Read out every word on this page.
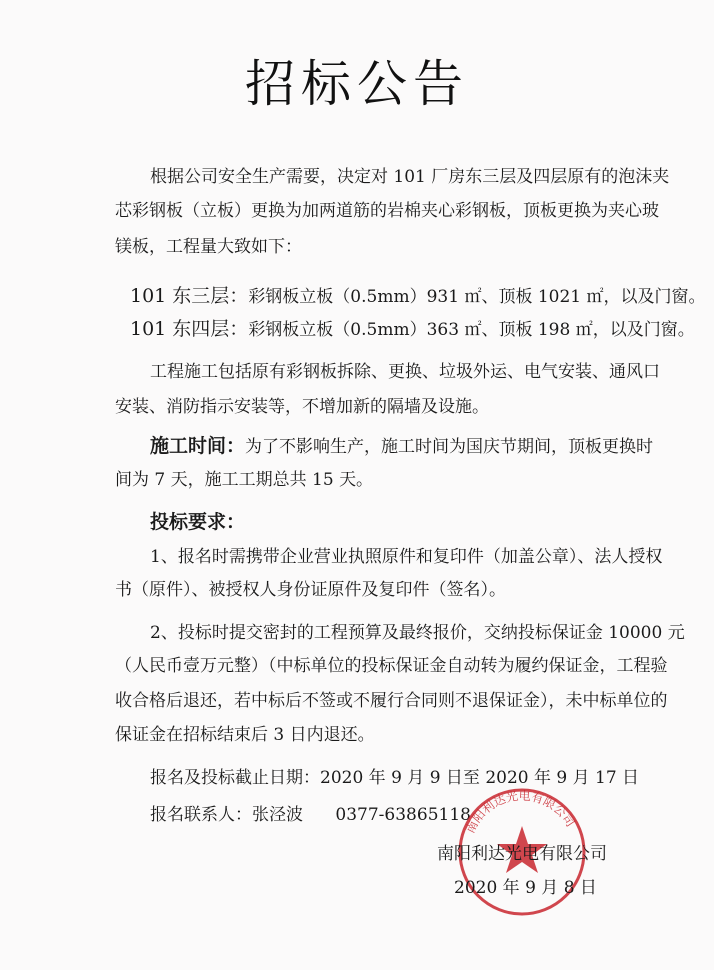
招标公告
根据公司安全生产需要，决定对 101 厂房东三层及四层原有的泡沫夹
芯彩钢板（立板）更换为加两道筋的岩棉夹心彩钢板，顶板更换为夹心玻
镁板，工程量大致如下：
101 东三层：彩钢板立板（0.5mm）931 ㎡、顶板 1021 ㎡，以及门窗。
101 东四层：彩钢板立板（0.5mm）363 ㎡、顶板 198 ㎡，以及门窗。
工程施工包括原有彩钢板拆除、更换、垃圾外运、电气安装、通风口
安装、消防指示安装等，不增加新的隔墙及设施。
施工时间：为了不影响生产，施工时间为国庆节期间，顶板更换时
间为 7 天，施工工期总共 15 天。
投标要求：
1、报名时需携带企业营业执照原件和复印件（加盖公章）、法人授权
书（原件）、被授权人身份证原件及复印件（签名）。
2、投标时提交密封的工程预算及最终报价，交纳投标保证金 10000 元
（人民币壹万元整）（中标单位的投标保证金自动转为履约保证金，工程验
收合格后退还，若中标后不签或不履行合同则不退保证金），未中标单位的
保证金在招标结束后 3 日内退还。
报名及投标截止日期：2020 年 9 月 9 日至 2020 年 9 月 17 日
报名联系人：张泾波      0377-63865118
南阳利达光电有限公司
南阳利达光电有限公司
2020 年 9 月 8 日
